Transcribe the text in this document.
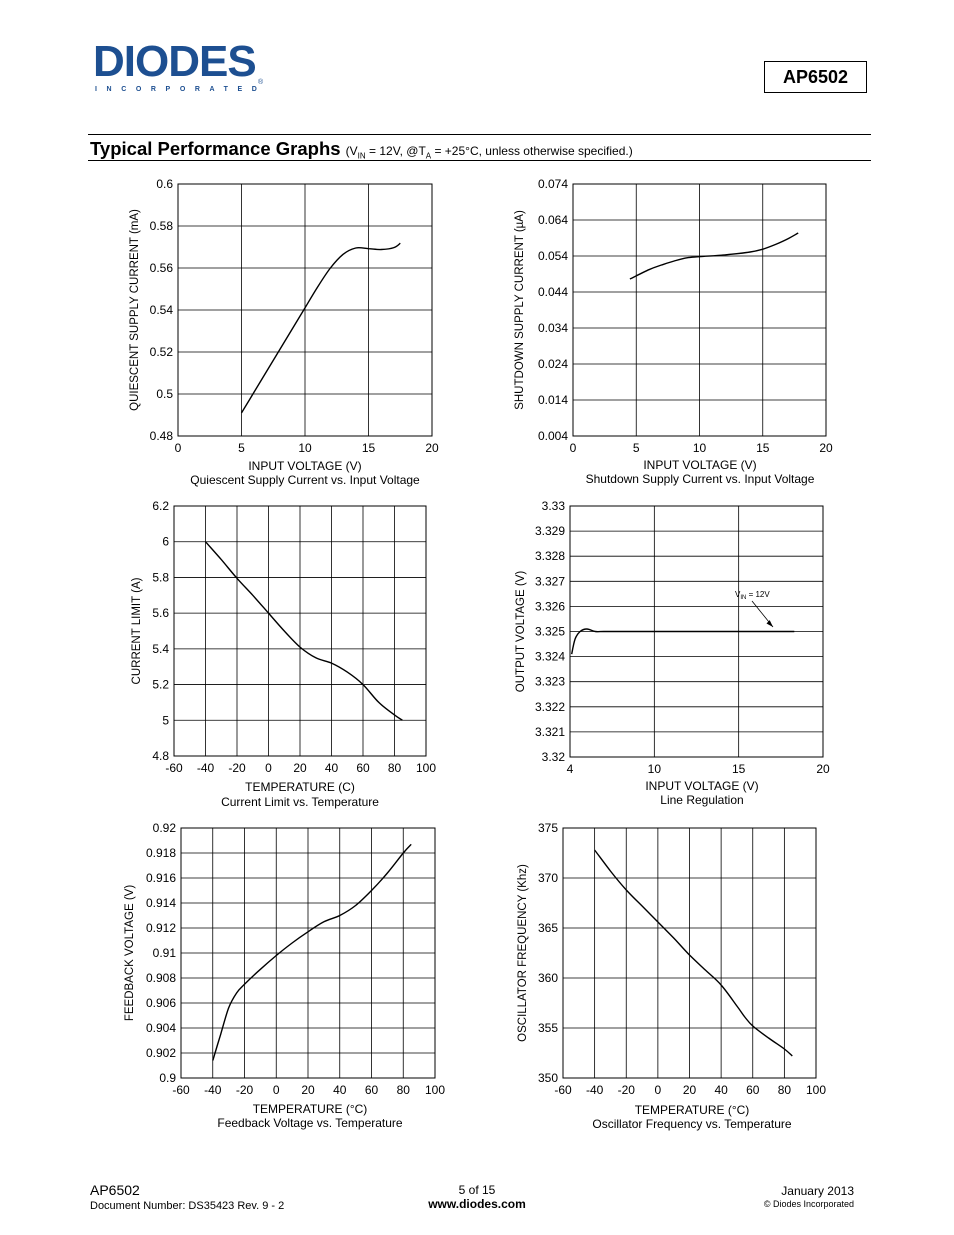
DIODES
INCORPORATED
®	AP6502
Typical Performance Graphs ($V_{IN} = 12V$, $@T_A = +25^\circ C$, unless otherwise specified.)
0	5	10	15	20
0.48
0.5
0.52
0.54
0.56
0.58
0.6
INPUT VOLTAGE (V)
Quiescent Supply Current vs. Input Voltage
QUIESCENT SUPPLY CURRENT (mA)
0	5	10	15	20
0.004
0.014
0.024
0.034
0.044
0.054
0.064
0.074
INPUT VOLTAGE (V)
Shutdown Supply Current vs. Input Voltage
SHUTDOWN SUPPLY CURRENT (µA)
-60 -40 -20 0 20 40 60 80 100
4.8
5
5.2
5.4
5.6
5.8
6
6.2
TEMPERATURE (C)
Current Limit vs. Temperature
CURRENT LIMIT (A)
4	10	15	20
3.32
3.321
3.322
3.323
3.324
3.325
3.326
3.327
3.328
3.329
3.33
INPUT VOLTAGE (V)
Line Regulation
OUTPUT VOLTAGE (V)	$V_{IN} = 12V$
-60 -40 -20 0 20 40 60 80 100
0.9
0.902
0.904
0.906
0.908
0.91
0.912
0.914
0.916
0.918
0.92
TEMPERATURE (°C)
Feedback Voltage vs. Temperature
FEEDBACK VOLTAGE (V)
-60 -40 -20 0 20 40 60 80 100
350
355
360
365
370
375
TEMPERATURE (°C)
Oscillator Frequency vs. Temperature
OSCILLATOR FREQUENCY (Khz)
AP6502
Document Number: DS35423 Rev. 9 - 2
5 of 15
www.diodes.com
January 2013
© Diodes Incorporated
